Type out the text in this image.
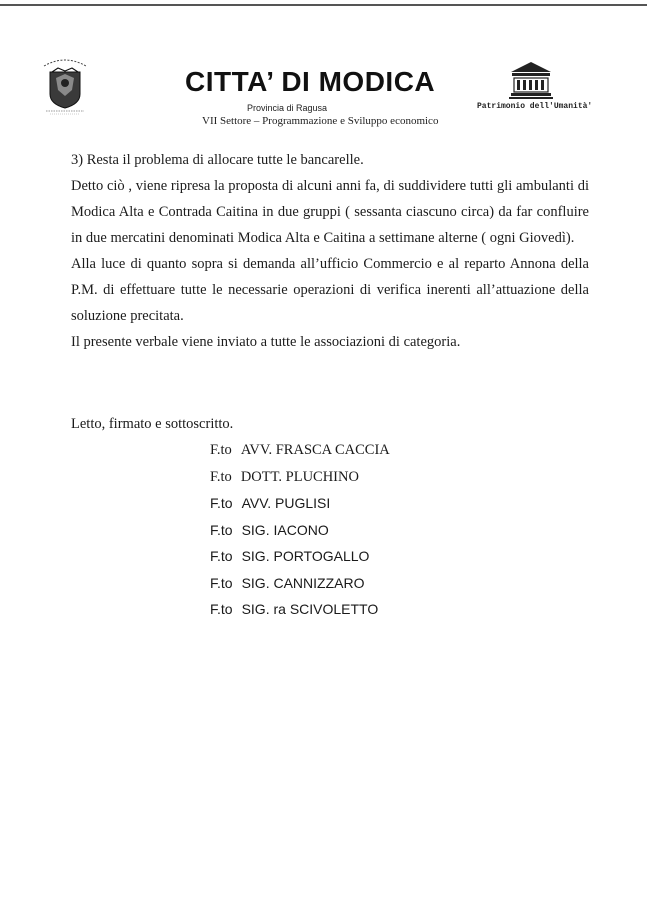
CITTA’ DI MODICA
Provincia di Ragusa
VII Settore – Programmazione e Sviluppo economico
Patrimonio dell'Umanità'

3) Resta il problema di allocare tutte le bancarelle.

Detto ciò , viene ripresa la proposta di alcuni anni fa, di suddividere tutti gli ambulanti di Modica Alta e Contrada Caitina in due gruppi ( sessanta ciascuno circa) da far confluire in due mercatini denominati Modica Alta e Caitina a settimane alterne ( ogni Giovedì).

Alla luce di quanto sopra si demanda all’ufficio Commercio e al reparto Annona della P.M. di effettuare tutte le necessarie operazioni di verifica inerenti all’attuazione della soluzione precitata.

Il presente verbale viene inviato a tutte le associazioni di categoria.

Letto, firmato e sottoscritto.
F.to AVV. FRASCA CACCIA
F.to DOTT. PLUCHINO
F.to AVV. PUGLISI
F.to SIG. IACONO
F.to SIG. PORTOGALLO
F.to SIG. CANNIZZARO
F.to SIG. ra SCIVOLETTO
